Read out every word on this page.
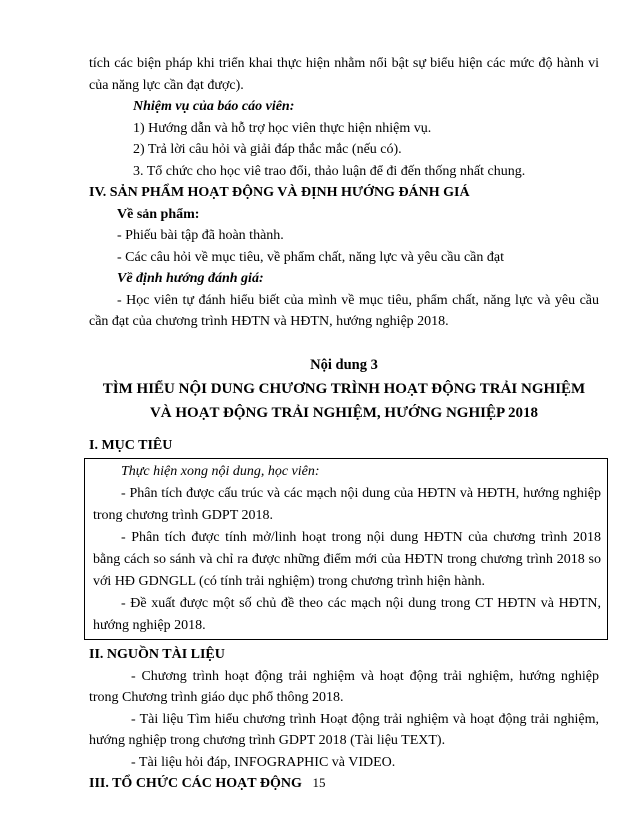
tích các biện pháp khi triển khai thực hiện nhằm nổi bật sự biểu hiện các mức độ hành vi của năng lực cần đạt được).

Nhiệm vụ của báo cáo viên:

1) Hướng dẫn và hỗ trợ học viên thực hiện nhiệm vụ.

2) Trả lời câu hỏi và giải đáp thắc mắc (nếu có).

3. Tổ chức cho học viê trao đổi, thảo luận để đi đến thống nhất chung.

IV. SẢN PHẨM HOẠT ĐỘNG VÀ ĐỊNH HƯỚNG ĐÁNH GIÁ

Về sản phẩm:

- Phiếu bài tập đã hoàn thành.

- Các câu hỏi về mục tiêu, về phẩm chất, năng lực và yêu cầu cần đạt

Về định hướng đánh giá:

- Học viên tự đánh hiểu biết của mình về mục tiêu, phẩm chất, năng lực và yêu cầu cần đạt của chương trình HĐTN và HĐTN, hướng nghiệp 2018.

Nội dung 3

TÌM HIỂU NỘI DUNG CHƯƠNG TRÌNH HOẠT ĐỘNG TRẢI NGHIỆM

VÀ HOẠT ĐỘNG TRẢI NGHIỆM, HƯỚNG NGHIỆP 2018

I. MỤC TIÊU

Thực hiện xong nội dung, học viên:

- Phân tích được cấu trúc và các mạch nội dung của HĐTN và HĐTH, hướng nghiệp trong chương trình GDPT 2018.

- Phân tích được tính mở/linh hoạt trong nội dung HĐTN của chương trình 2018 bằng cách so sánh và chỉ ra được những điểm mới của HĐTN trong chương trình 2018 so với HĐ GDNGLL (có tính trải nghiệm) trong chương trình hiện hành.

- Đề xuất được một số chủ đề theo các mạch nội dung trong CT HĐTN và HĐTN, hướng nghiệp 2018.

II. NGUỒN TÀI LIỆU

- Chương trình hoạt động trải nghiệm và hoạt động trải nghiệm, hướng nghiệp trong Chương trình giáo dục phổ thông 2018.

- Tài liệu Tìm hiểu chương trình Hoạt động trải nghiệm và hoạt động trải nghiệm, hướng nghiệp trong chương trình GDPT 2018 (Tài liệu TEXT).

- Tài liệu hỏi đáp, INFOGRAPHIC và VIDEO.

III. TỔ CHỨC CÁC HOẠT ĐỘNG 15
